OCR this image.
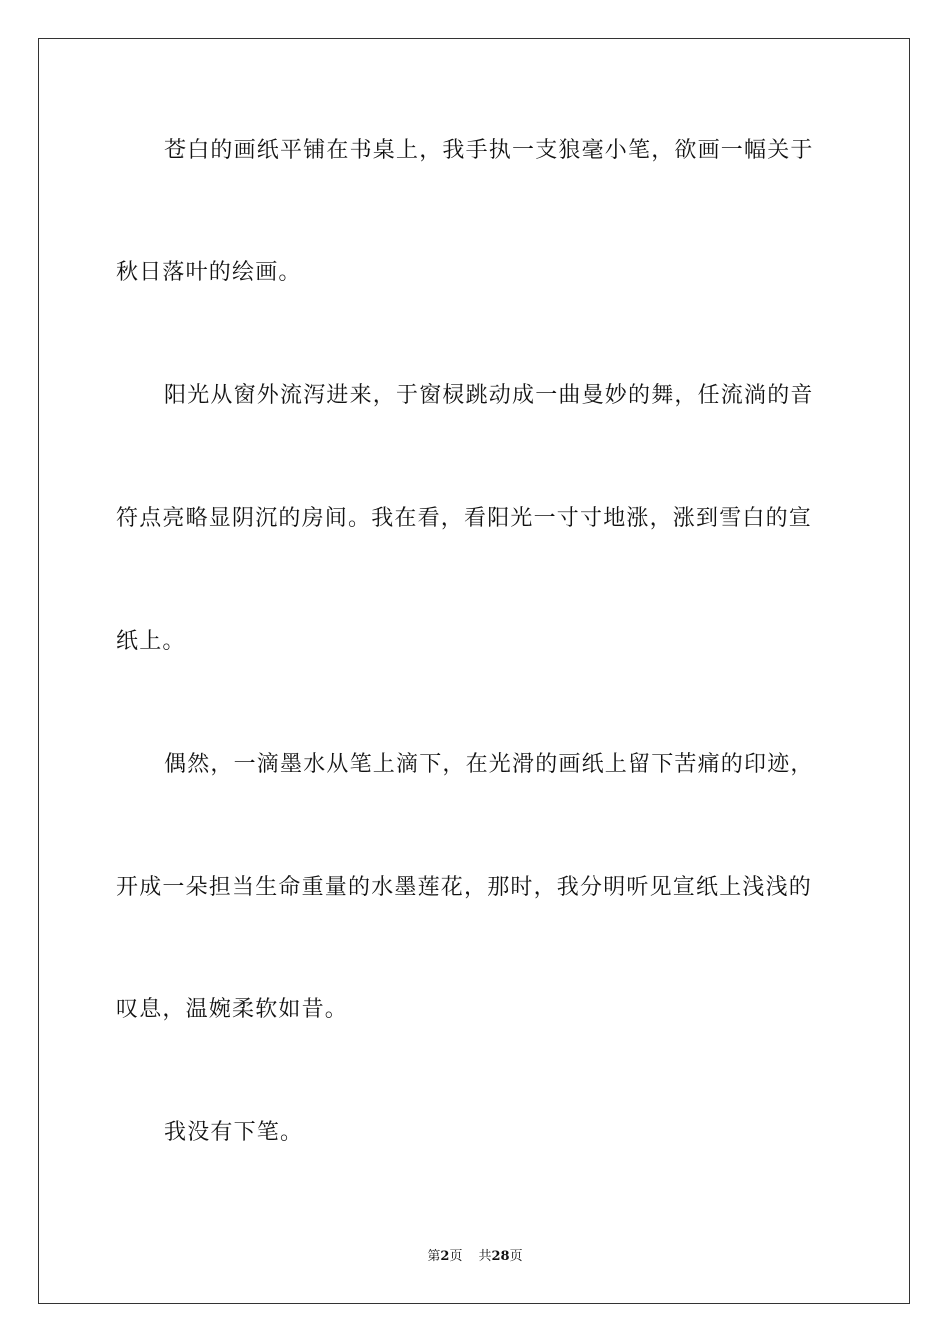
苍白的画纸平铺在书桌上，我手执一支狼毫小笔，欲画一幅关于
秋日落叶的绘画。
阳光从窗外流泻进来，于窗棂跳动成一曲曼妙的舞，任流淌的音
符点亮略显阴沉的房间。我在看，看阳光一寸寸地涨，涨到雪白的宣
纸上。
偶然，一滴墨水从笔上滴下，在光滑的画纸上留下苦痛的印迹，
开成一朵担当生命重量的水墨莲花，那时，我分明听见宣纸上浅浅的
叹息，温婉柔软如昔。
我没有下笔。
第2页 共28页
